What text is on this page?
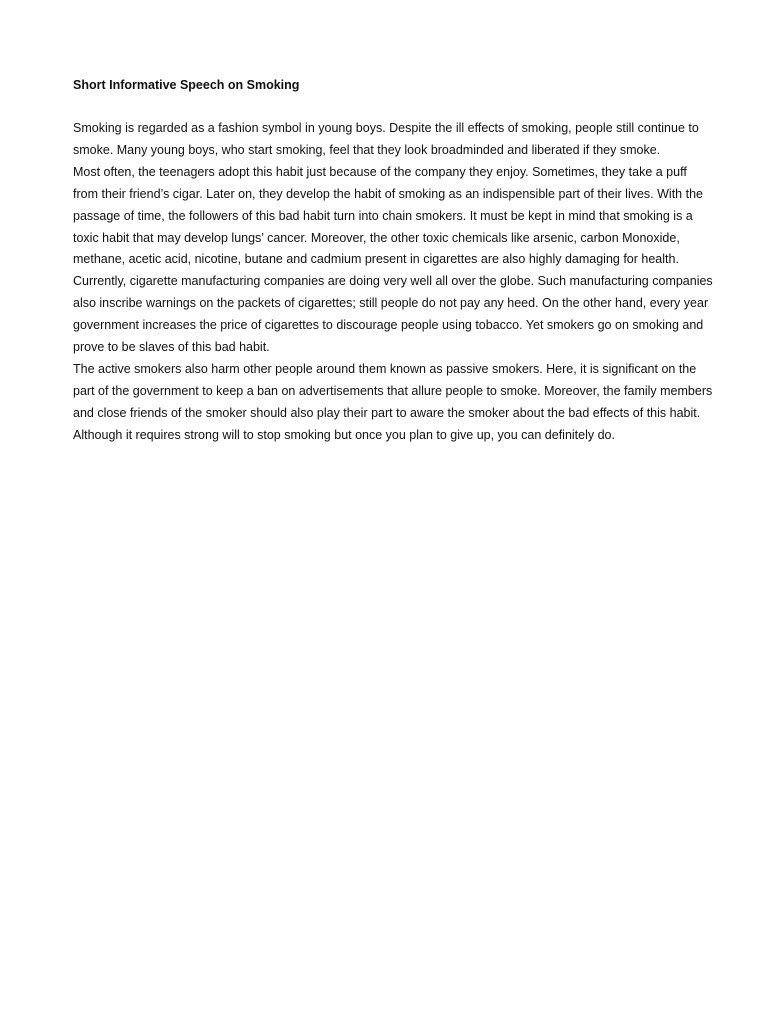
Short Informative Speech on Smoking

Smoking is regarded as a fashion symbol in young boys. Despite the ill effects of smoking, people still continue to smoke. Many young boys, who start smoking, feel that they look broadminded and liberated if they smoke.

Most often, the teenagers adopt this habit just because of the company they enjoy. Sometimes, they take a puff from their friend’s cigar. Later on, they develop the habit of smoking as an indispensible part of their lives. With the passage of time, the followers of this bad habit turn into chain smokers. It must be kept in mind that smoking is a toxic habit that may develop lungs’ cancer. Moreover, the other toxic chemicals like arsenic, carbon Monoxide, methane, acetic acid, nicotine, butane and cadmium present in cigarettes are also highly damaging for health.

Currently, cigarette manufacturing companies are doing very well all over the globe. Such manufacturing companies also inscribe warnings on the packets of cigarettes; still people do not pay any heed. On the other hand, every year government increases the price of cigarettes to discourage people using tobacco. Yet smokers go on smoking and prove to be slaves of this bad habit.

The active smokers also harm other people around them known as passive smokers. Here, it is significant on the part of the government to keep a ban on advertisements that allure people to smoke. Moreover, the family members and close friends of the smoker should also play their part to aware the smoker about the bad effects of this habit. Although it requires strong will to stop smoking but once you plan to give up, you can definitely do.
